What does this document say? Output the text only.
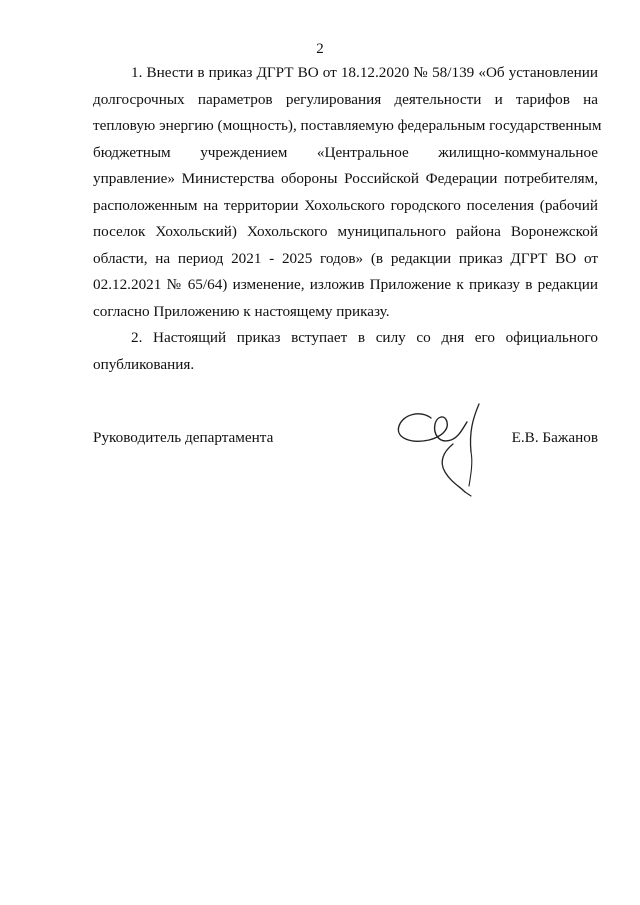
2
1. Внести в приказ ДГРТ ВО от 18.12.2020 № 58/139 «Об установлении
долгосрочных параметров регулирования деятельности и тарифов на
тепловую энергию (мощность), поставляемую федеральным государственным
бюджетным учреждением «Центральное жилищно-коммунальное
управление» Министерства обороны Российской Федерации потребителям,
расположенным на территории Хохольского городского поселения (рабочий
поселок Хохольский) Хохольского муниципального района Воронежской
области, на период 2021 - 2025 годов» (в редакции приказ ДГРТ ВО от
02.12.2021 № 65/64) изменение, изложив Приложение к приказу в редакции
согласно Приложению к настоящему приказу.
2. Настоящий приказ вступает в силу со дня его официального
опубликования.
Руководитель департамента	Е.В. Бажанов
